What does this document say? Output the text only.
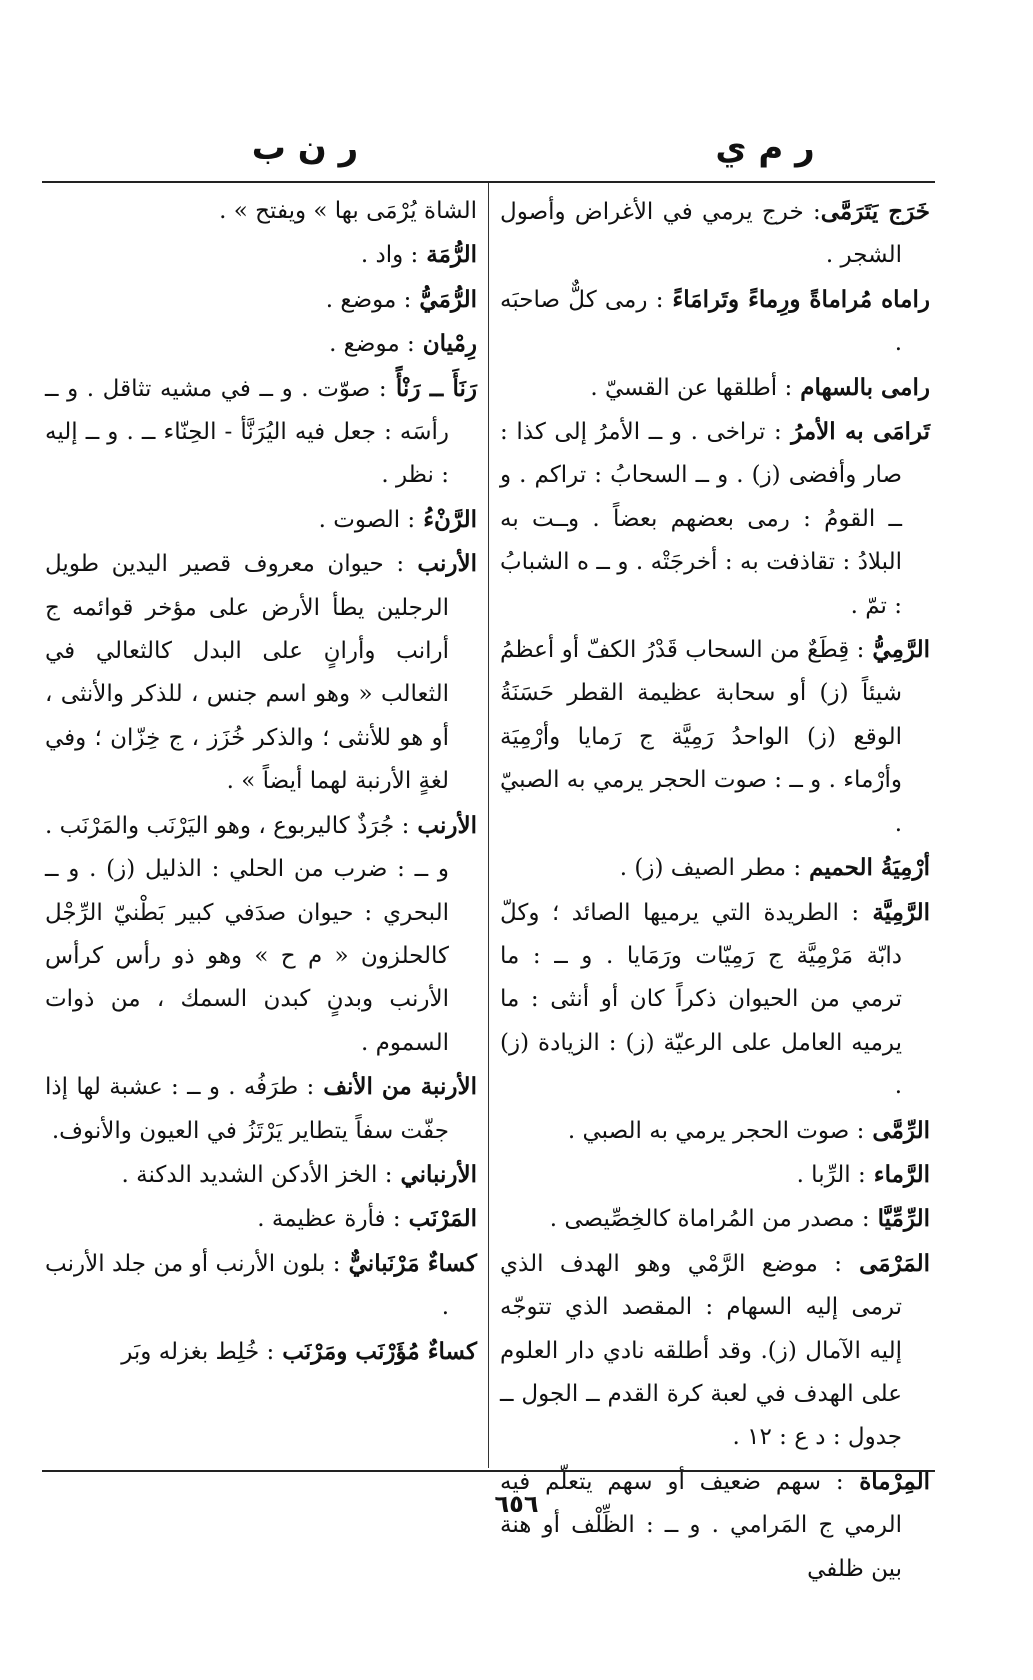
ر م ي
ر ن ب

خَرَج يَتَرَمَّى: خرج يرمي في الأغراض وأصول الشجر .

راماه مُراماةً ورِماءً وتَرامَاءً : رمى كلٌّ صاحبَه .

رامى بالسهام : أطلقها عن القسيّ .

تَرامَى به الأمرُ : تراخى . و ــ الأمرُ إلى كذا : صار وأفضى (ز) . و ــ السحابُ : تراكم . و ــ القومُ : رمى بعضهم بعضاً . وــت به البلادُ : تقاذفت به : أخرجَتْه . و ــ ه الشبابُ : تمّ .

الرَّمِيُّ : قِطَعٌ من السحاب قَدْرُ الكفّ أو أعظمُ شيئاً (ز) أو سحابة عظيمة القطر حَسَنَةُ الوقع (ز) الواحدُ رَمِيَّة ج رَمايا وأرْمِيَة وأرْماء . و ــ : صوت الحجر يرمي به الصبيّ .

أرْمِيَةُ الحميم : مطر الصيف (ز) .

الرَّمِيَّة : الطريدة التي يرميها الصائد ؛ وكلّ دابّة مَرْمِيَّة ج رَمِيّات ورَمَايا . و ــ : ما ترمي من الحيوان ذكراً كان أو أنثى : ما يرميه العامل على الرعيّة (ز) : الزيادة (ز) .

الرِّمَّى : صوت الحجر يرمي به الصبي .

الرَّماء : الرِّبا .

الرِّمِّيَّا : مصدر من المُراماة كالخِصِّيصى .

المَرْمَى : موضع الرَّمْي وهو الهدف الذي ترمى إليه السهام : المقصد الذي تتوجّه إليه الآمال (ز). وقد أطلقه نادي دار العلوم على الهدف في لعبة كرة القدم ــ الجول ــ جدول : د ع : ١٢ .

المِرْماة : سهم ضعيف أو سهم يتعلّم فيه الرمي ج المَرامي . و ــ : الظِّلْف أو هنة بين ظلفي

الشاة يُرْمَى بها » ويفتح » .

الرُّمَة : واد .

الرُّمَيُّ : موضع .

رِمْيان : موضع .

رَنَأَ ــ رَنْأً : صوّت . و ــ في مشيه تثاقل . و ــ رأسَه : جعل فيه اليُرَنَّأ - الحِنّاء ــ . و ــ إليه : نظر .

الرَّنْءُ : الصوت .

الأرنب : حيوان معروف قصير اليدين طويل الرجلين يطأ الأرض على مؤخر قوائمه ج أرانب وأرانٍ على البدل كالثعالي في الثعالب « وهو اسم جنس ، للذكر والأنثى ، أو هو للأنثى ؛ والذكر خُزَز ، ج خِزّان ؛ وفي لغةٍ الأرنبة لهما أيضاً » .

الأرنب : جُرَذٌ كاليربوع ، وهو اليَرْنَب والمَرْنَب . و ــ : ضرب من الحلي : الذليل (ز) . و ــ البحري : حيوان صدَفي كبير بَطْنيّ الرِّجْل كالحلزون « م ح » وهو ذو رأس كرأس الأرنب وبدنٍ كبدن السمك ، من ذوات السموم .

الأرنبة من الأنف : طرَفُه . و ــ : عشبة لها إذا جفّت سفاً يتطاير يَرْتَزُ في العيون والأنوف.

الأرنباني : الخز الأدكن الشديد الدكنة .

المَرْنَب : فأرة عظيمة .

كساءٌ مَرْنَبانيٌّ : بلون الأرنب أو من جلد الأرنب .

كساءٌ مُؤَرْنَب ومَرْنَب : خُلِط بغزله وبَر

٦٥٦
